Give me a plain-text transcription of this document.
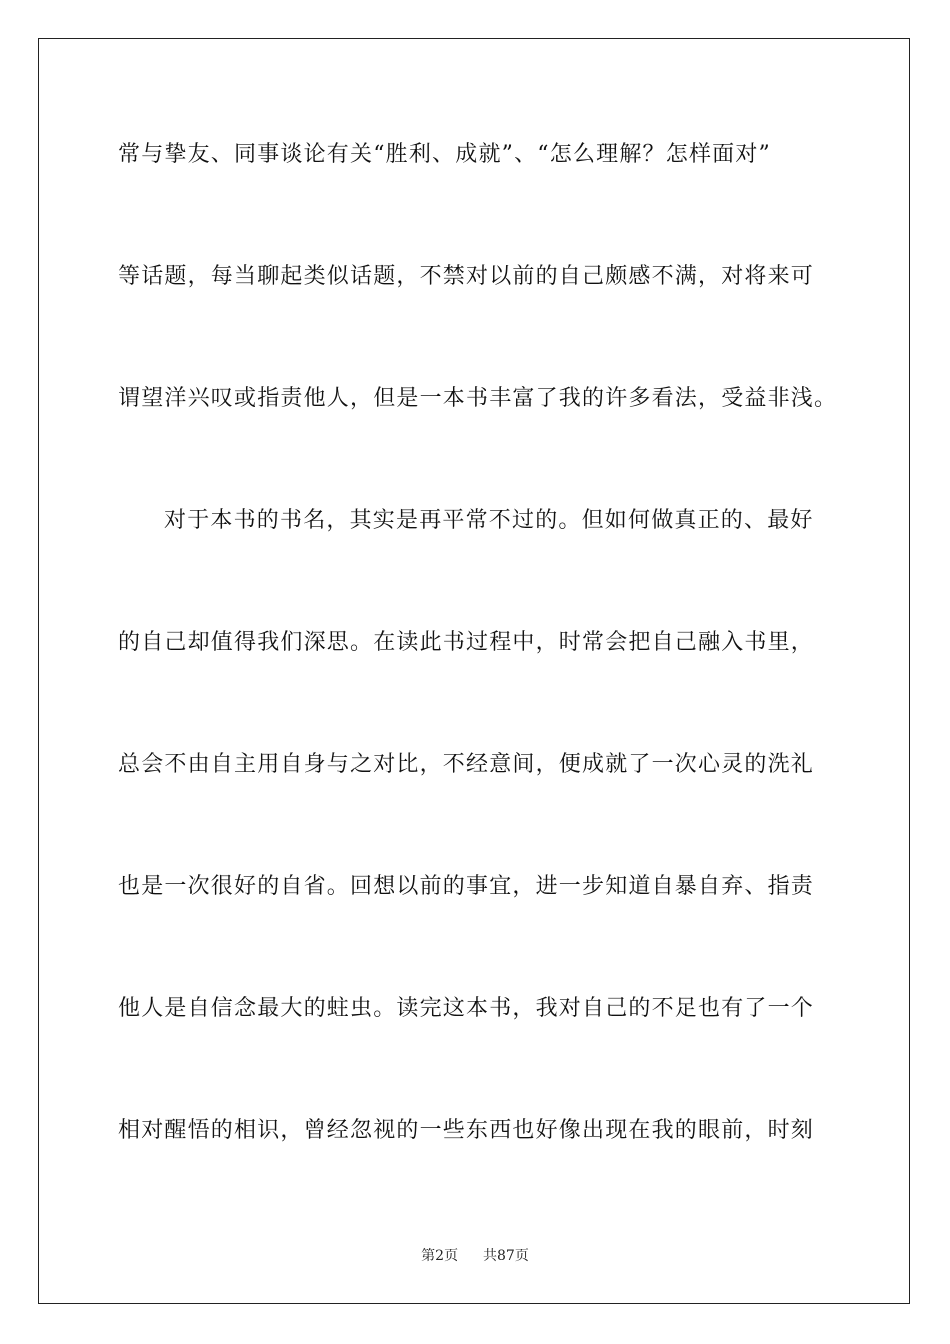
常与挚友、同事谈论有关“胜利、成就”、“怎么理解？怎样面对”
等话题，每当聊起类似话题，不禁对以前的自己颇感不满，对将来可
谓望洋兴叹或指责他人，但是一本书丰富了我的许多看法，受益非浅。
对于本书的书名，其实是再平常不过的。但如何做真正的、最好
的自己却值得我们深思。在读此书过程中，时常会把自己融入书里，
总会不由自主用自身与之对比，不经意间，便成就了一次心灵的洗礼
也是一次很好的自省。回想以前的事宜，进一步知道自暴自弃、指责
他人是自信念最大的蛀虫。读完这本书，我对自己的不足也有了一个
相对醒悟的相识，曾经忽视的一些东西也好像出现在我的眼前，时刻
第2页 共87页
